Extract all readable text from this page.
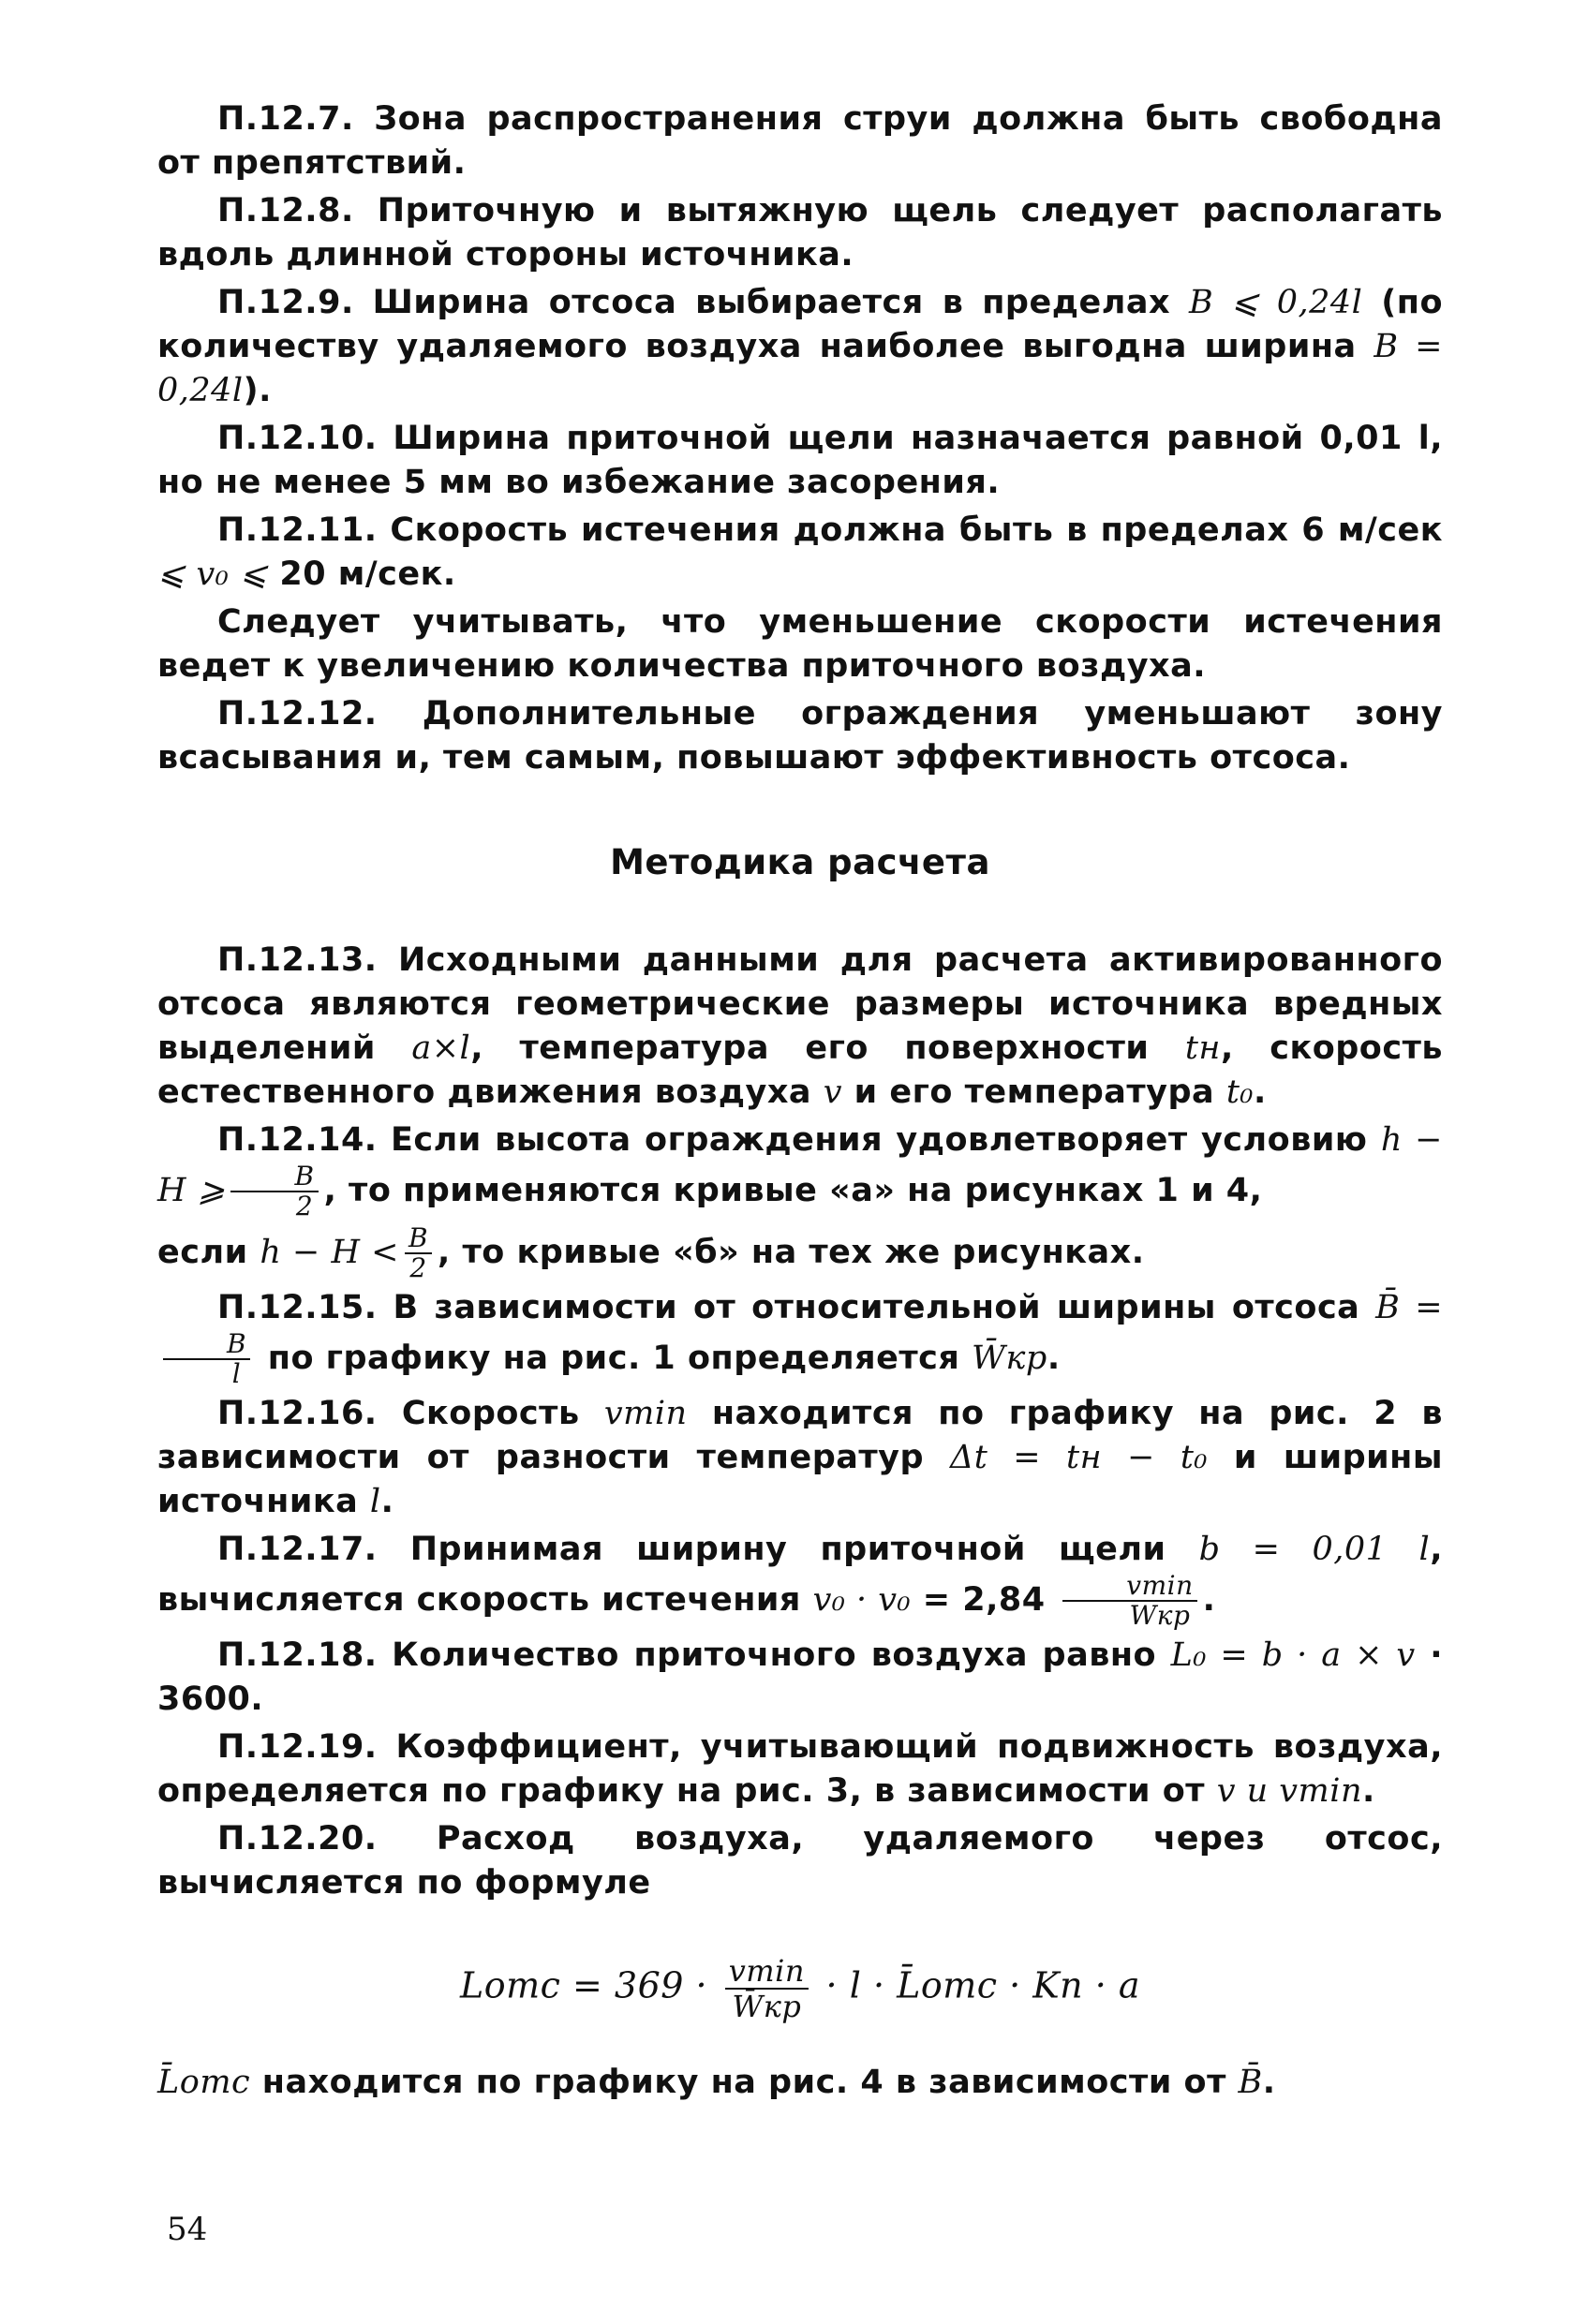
П.12.7. Зона распространения струи должна быть свободна от препятствий.

П.12.8. Приточную и вытяжную щель следует располагать вдоль длинной стороны источника.

П.12.9. Ширина отсоса выбирается в пределах B ⩽ 0,24l (по количеству удаляемого воздуха наиболее выгодна ширина B = 0,24l).

П.12.10. Ширина приточной щели назначается равной 0,01 l, но не менее 5 мм во избежание засорения.

П.12.11. Скорость истечения должна быть в пределах 6 м/сек ⩽ v₀ ⩽ 20 м/сек.

Следует учитывать, что уменьшение скорости истечения ведет к увеличению количества приточного воздуха.

П.12.12. Дополнительные ограждения уменьшают зону всасывания и, тем самым, повышают эффективность отсоса.

Методика расчета

П.12.13. Исходными данными для расчета активированного отсоса являются геометрические размеры источника вредных выделений a×l, температура его поверхности tн, скорость естественного движения воздуха v и его температура t₀.

П.12.14. Если высота ограждения удовлетворяет условию h − H ⩾ $\frac{B}{2}$ , то применяются кривые «а» на рисунках 1 и 4,

если $h - H < \frac{B}{2}$ , то кривые «б» на тех же рисунках.

П.12.15. В зависимости от относительной ширины отсоса B̄ =
$\frac{B}{l}$ по графику на рис. 1 определяется W̄кр.

П.12.16. Скорость vmin находится по графику на рис. 2 в зависимости от разности температур Δt = tн − t₀ и ширины источника l.

П.12.17. Принимая ширину приточной щели b = 0,01 l, вычисляется скорость истечения $v_0 \cdot v_0 = 2,84 \frac{vmin}{W̄кр}$ .

П.12.18. Количество приточного воздуха равно L₀ = b · a × v · 3600.

П.12.19. Коэффициент, учитывающий подвижность воздуха, определяется по графику на рис. 3, в зависимости от v и vmin.

П.12.20. Расход воздуха, удаляемого через отсос, вычисляется по формуле

Lотс = $369 \cdot \frac{vmin}{W̄кр} \cdot l$ · L̄отс · Kп · a

L̄отс находится по графику на рис. 4 в зависимости от B̄.

54
